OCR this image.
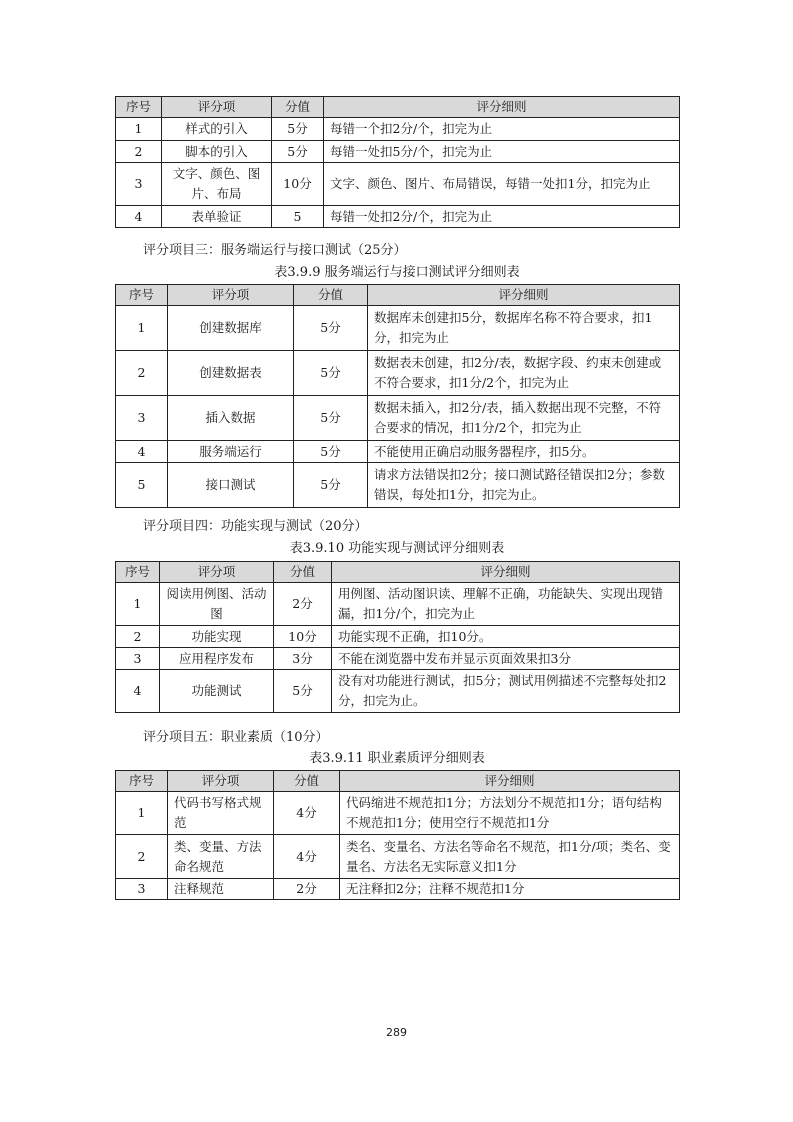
序号	评分项	分值	评分细则
1	样式的引入	5分	每错一个扣2分/个，扣完为止
2	脚本的引入	5分	每错一处扣5分/个，扣完为止
3	文字、颜色、图片、布局	10分	文字、颜色、图片、布局错误，每错一处扣1分，扣完为止
4	表单验证	5	每错一处扣2分/个，扣完为止
评分项目三：服务端运行与接口测试（25分）
表3.9.9 服务端运行与接口测试评分细则表
序号	评分项	分值	评分细则
1	创建数据库	5分	数据库未创建扣5分，数据库名称不符合要求，扣1分，扣完为止
2	创建数据表	5分	数据表未创建，扣2分/表，数据字段、约束未创建或不符合要求，扣1分/2个，扣完为止
3	插入数据	5分	数据未插入，扣2分/表，插入数据出现不完整，不符合要求的情况，扣1分/2个，扣完为止
4	服务端运行	5分	不能使用正确启动服务器程序，扣5分。
5	接口测试	5分	请求方法错误扣2分；接口测试路径错误扣2分；参数错误，每处扣1分，扣完为止。
评分项目四：功能实现与测试（20分）
表3.9.10 功能实现与测试评分细则表
序号	评分项	分值	评分细则
1	阅读用例图、活动图	2分	用例图、活动图识读、理解不正确，功能缺失、实现出现错漏，扣1分/个，扣完为止
2	功能实现	10分	功能实现不正确，扣10分。
3	应用程序发布	3分	不能在浏览器中发布并显示页面效果扣3分
4	功能测试	5分	没有对功能进行测试，扣5分；测试用例描述不完整每处扣2分，扣完为止。
评分项目五：职业素质（10分）
表3.9.11 职业素质评分细则表
序号	评分项	分值	评分细则
1	代码书写格式规范	4分	代码缩进不规范扣1分；方法划分不规范扣1分；语句结构不规范扣1分；使用空行不规范扣1分
2	类、变量、方法命名规范	4分	类名、变量名、方法名等命名不规范，扣1分/项；类名、变量名、方法名无实际意义扣1分
3	注释规范	2分	无注释扣2分；注释不规范扣1分
289
